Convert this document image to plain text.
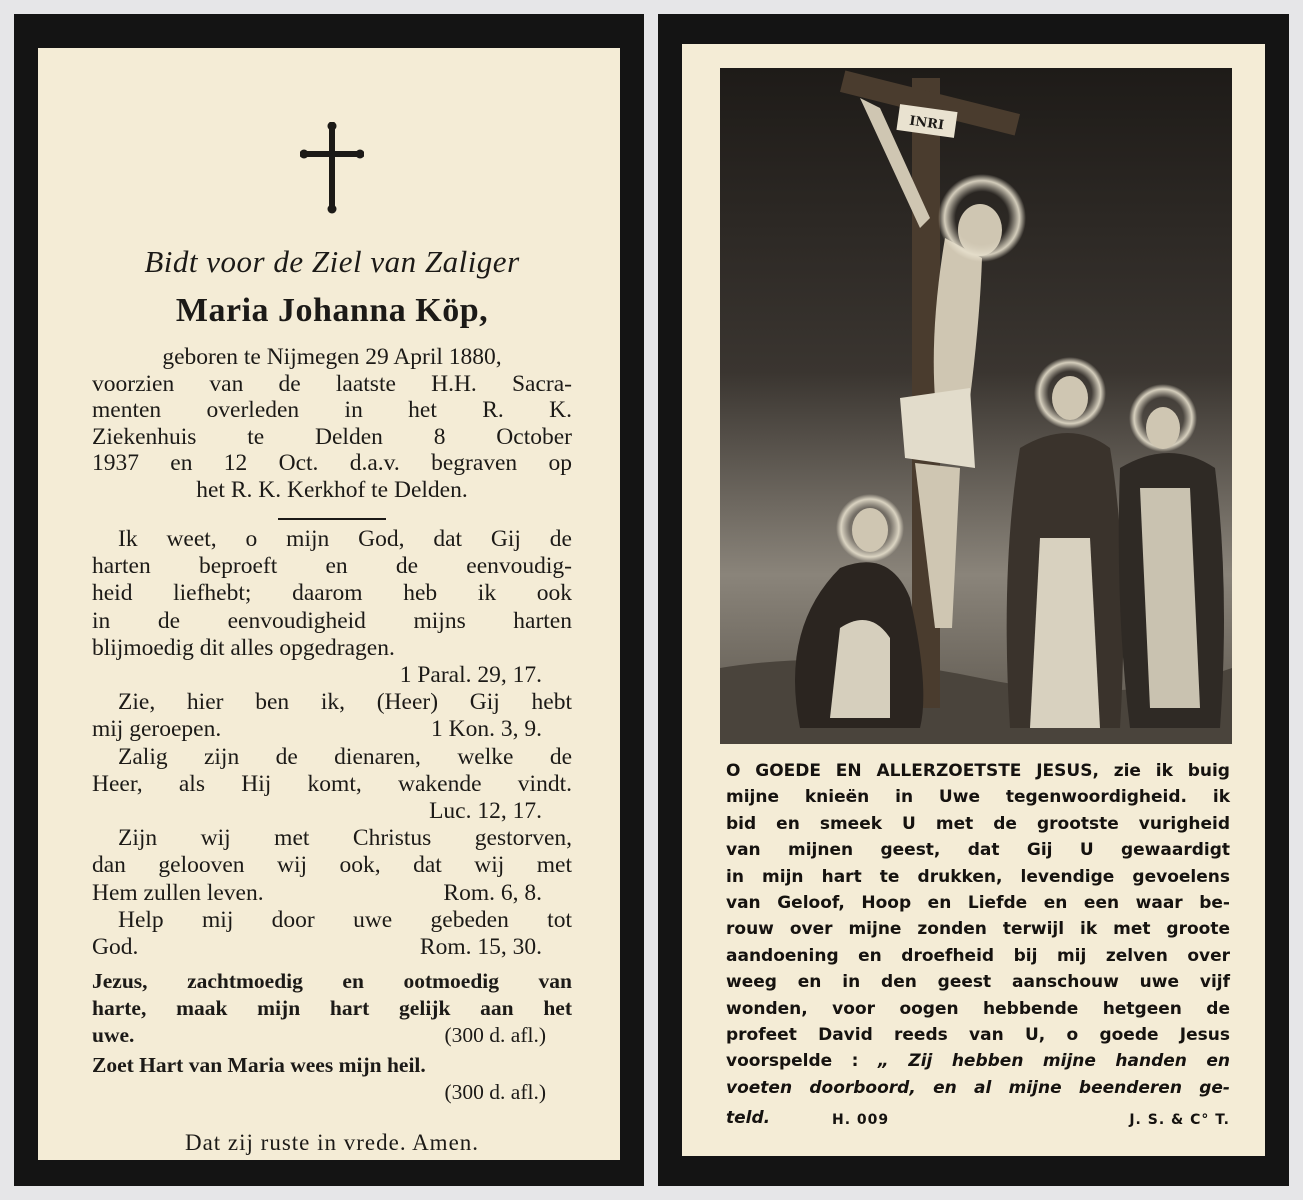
Bidt voor de Ziel van Zaliger
Maria Johanna Köp,
geboren te Nijmegen 29 April 1880,
voorzien van de laatste H.H. Sacra-
menten overleden in het R. K.
Ziekenhuis te Delden 8 October
1937 en 12 Oct. d.a.v. begraven op
het R. K. Kerkhof te Delden.
Ik weet, o mijn God, dat Gij de
harten beproeft en de eenvoudig-
heid liefhebt; daarom heb ik ook
in de eenvoudigheid mijns harten
blijmoedig dit alles opgedragen.
1 Paral. 29, 17.
Zie, hier ben ik, (Heer) Gij hebt
mij geroepen.	1 Kon. 3, 9.
Zalig zijn de dienaren, welke de
Heer, als Hij komt, wakende vindt.
Luc. 12, 17.
Zijn wij met Christus gestorven,
dan gelooven wij ook, dat wij met
Hem zullen leven.	Rom. 6, 8.
Help mij door uwe gebeden tot
God.	Rom. 15, 30.
Jezus, zachtmoedig en ootmoedig van
harte, maak mijn hart gelijk aan het
uwe.	(300 d. afl.)
Zoet Hart van Maria wees mijn heil.
(300 d. afl.)
Dat zij ruste in vrede. Amen.
INRI
O GOEDE EN ALLERZOETSTE JESUS, zie ik buig
mijne knieën in Uwe tegenwoordigheid. ik
bid en smeek U met de grootste vurigheid
van mijnen geest, dat Gij U gewaardigt
in mijn hart te drukken, levendige gevoelens
van Geloof, Hoop en Liefde en een waar be-
rouw over mijne zonden terwijl ik met groote
aandoening en droefheid bij mij zelven over
weeg en in den geest aanschouw uwe vijf
wonden, voor oogen hebbende hetgeen de
profeet David reeds van U, o goede Jesus
voorspelde : „ Zij hebben mijne handen en
voeten doorboord, en al mijne beenderen ge-
teld.	H. 009	J. S. & C° T.
